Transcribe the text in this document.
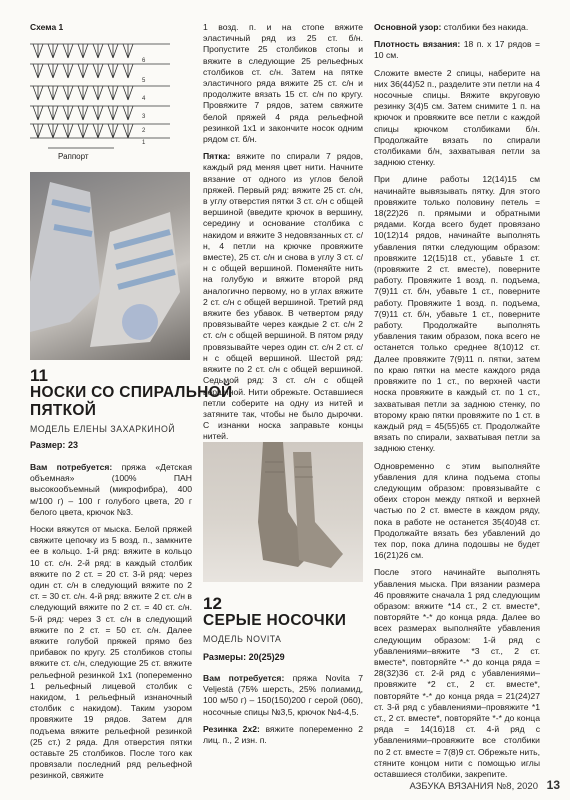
Схема 1
6
5
4
3
2
1
Раппорт
11
НОСКИ СО СПИРАЛЬНОЙ
ПЯТКОЙ
МОДЕЛЬ ЕЛЕНЫ ЗАХАРКИНОЙ
Размер: 23

Вам потребуется: пряжа «Детская объемная» (100% ПАН высокообъемный (микрофибра), 400 м/100 г) – 100 г голубого цвета, 20 г белого цвета, крючок №3.

Носки вяжутся от мыска. Белой пряжей свяжите цепочку из 5 возд. п., замкните ее в кольцо. 1-й ряд: вяжите в кольцо 10 ст. с/н. 2-й ряд: в каждый столбик вяжите по 2 ст. = 20 ст. 3-й ряд: через один ст. с/н в следующий вяжите по 2 ст. = 30 ст. с/н. 4-й ряд: вяжите 2 ст. с/н в следующий вяжите по 2 ст. = 40 ст. с/н. 5-й ряд: через 3 ст. с/н в следующий вяжите по 2 ст. = 50 ст. с/н. Далее вяжите голубой пряжей прямо без прибавок по кругу. 25 столбиков стопы вяжите ст. с/н, следующие 25 ст. вяжите рельефной резинкой 1х1 (попеременно 1 рельефный лицевой столбик с накидом, 1 рельефный изнаночный столбик с накидом). Таким узором провяжите 19 рядов. Затем для подъема вяжите рельефной резинкой (25 ст.) 2 ряда. Для отверстия пятки оставьте 25 столбиков. После того как провязали последний ряд рельефной резинкой, свяжите

1 возд. п. и на стопе вяжите эластичный ряд из 25 ст. б/н. Пропустите 25 столбиков стопы и вяжите в следующие 25 рельефных столбиков ст. с/н. Затем на пятке эластичного ряда вяжите 25 ст. с/н и продолжите вязать 15 ст. с/н по кругу. Провяжите 7 рядов, затем свяжите белой пряжей 4 ряда рельефной резинкой 1х1 и закончите носок одним рядом ст. б/н.

Пятка: вяжите по спирали 7 рядов, каждый ряд меняя цвет нити. Начните вязание от одного из углов белой пряжей. Первый ряд: вяжите 25 ст. с/н, в углу отверстия пятки 3 ст. с/н с общей вершиной (введите крючок в вершину, середину и основание столбика с накидом и вяжите 3 недовязанных ст. с/н, 4 петли на крючке провяжите вместе), 25 ст. с/н и снова в углу 3 ст. с/н с общей вершиной. Поменяйте нить на голубую и вяжите второй ряд аналогично первому, но в углах вяжите 2 ст. с/н с общей вершиной. Третий ряд вяжите без убавок. В четвертом ряду провязывайте через каждые 2 ст. с/н 2 ст. с/н с общей вершиной. В пятом ряду провязывайте через один ст. с/н 2 ст. с/н с общей вершиной. Шестой ряд: вяжите по 2 ст. с/н с общей вершиной. Седьмой ряд: 3 ст. с/н с общей вершиной. Нити обрежьте. Оставшиеся петли соберите на одну из нитей и затяните так, чтобы не было дырочки. С изнанки носка заправьте концы нитей.

12
СЕРЫЕ НОСОЧКИ
МОДЕЛЬ NOVITA
Размеры: 20(25)29

Вам потребуется: пряжа Novita 7 Veljestä (75% шерсть, 25% полиамид, 100 м/50 г) – 150(150)200 г серой (060), носочные спицы №3,5, крючок №4-4,5.

Резинка 2х2: вяжите попеременно 2 лиц. п., 2 изн. п.

Основной узор: столбики без накида.

Плотность вязания: 18 п. х 17 рядов = 10 см.

Сложите вместе 2 спицы, наберите на них 36(44)52 п., разделите эти петли на 4 носочные спицы. Вяжите вкруговую резинку 3(4)5 см. Затем снимите 1 п. на крючок и провяжите все петли с каждой спицы крючком столбиками б/н. Продолжайте вязать по спирали столбиками б/н, захватывая петли за заднюю стенку.

При длине работы 12(14)15 см начинайте вывязывать пятку. Для этого провяжите только половину петель = 18(22)26 п. прямыми и обратными рядами. Когда всего будет провязано 10(12)14 рядов, начинайте выполнять убавления пятки следующим образом: провяжите 12(15)18 ст., убавьте 1 ст. (провяжите 2 ст. вместе), поверните работу. Провяжите 1 возд. п. подъема, 7(9)11 ст. б/н, убавьте 1 ст., поверните работу. Провяжите 1 возд. п. подъема, 7(9)11 ст. б/н, убавьте 1 ст., поверните работу. Продолжайте выполнять убавления таким образом, пока всего не останется только среднее 8(10)12 ст. Далее провяжите 7(9)11 п. пятки, затем по краю пятки на месте каждого ряда провяжите по 1 ст., по верхней части носка провяжите в каждый ст. по 1 ст., захватывая петли за заднюю стенку, по второму краю пятки провяжите по 1 ст. в каждый ряд = 45(55)65 ст. Продолжайте вязать по спирали, захватывая петли за заднюю стенку.

Одновременно с этим выполняйте убавления для клина подъема стопы следующим образом: провязывайте с обеих сторон между пяткой и верхней частью по 2 ст. вместе в каждом ряду, пока в работе не останется 35(40)48 ст. Продолжайте вязать без убавлений до тех пор, пока длина подошвы не будет 16(21)26 см.

После этого начинайте выполнять убавления мыска. При вязании размера 46 провяжите сначала 1 ряд следующим образом: вяжите *14 ст., 2 ст. вместе*, повторяйте *-* до конца ряда. Далее во всех размерах выполняйте убавления следующим образом: 1-й ряд с убавлениями–вяжите *3 ст., 2 ст. вместе*, повторяйте *-* до конца ряда = 28(32)36 ст. 2-й ряд с убавлениями–провяжите *2 ст., 2 ст. вместе*, повторяйте *-* до конца ряда = 21(24)27 ст. 3-й ряд с убавлениями–провяжите *1 ст., 2 ст. вместе*, повторяйте *-* до конца ряда = 14(16)18 ст. 4-й ряд с убавлениями–провяжите все столбики по 2 ст. вместе = 7(8)9 ст. Обрежьте нить, стяните концом нити с помощью иглы оставшиеся столбики, закрепите.

АЗБУКА ВЯЗАНИЯ №8, 2020 13
